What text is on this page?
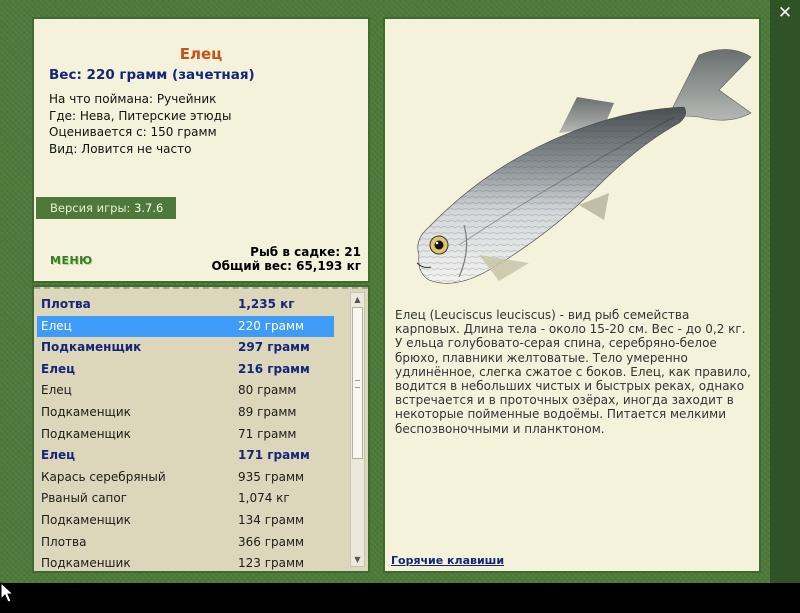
✕
Елец
Вес: 220 грамм (зачетная)
На что поймана: Ручейник
Где: Нева, Питерские этюды
Оценивается с: 150 грамм
Вид: Ловится не часто
Версия игры: 3.7.6
МЕНЮ
Рыб в садке: 21
Общий вес: 65,193 кг
Плотва	1,235 кг
Елец	220 грамм
Подкаменщик	297 грамм
Елец	216 грамм
Елец	80 грамм
Подкаменщик	89 грамм
Подкаменщик	71 грамм
Елец	171 грамм
Карась серебряный	935 грамм
Рваный сапог	1,074 кг
Подкаменщик	134 грамм
Плотва	366 грамм
Подкаменшик	123 грамм
▲
▼
Елец (Leuciscus leuciscus) - вид рыб семейства карповых. Длина тела - около 15-20 см. Вес - до 0,2 кг. У ельца голубовато-серая спина, серебряно-белое брюхо, плавники желтоватые. Тело умеренно удлинённое, слегка сжатое с боков. Елец, как правило, водится в небольших чистых и быстрых реках, однако встречается и в проточных озёрах, иногда заходит в некоторые пойменные водоёмы. Питается мелкими беспозвоночными и планктоном.
Горячие клавиши
